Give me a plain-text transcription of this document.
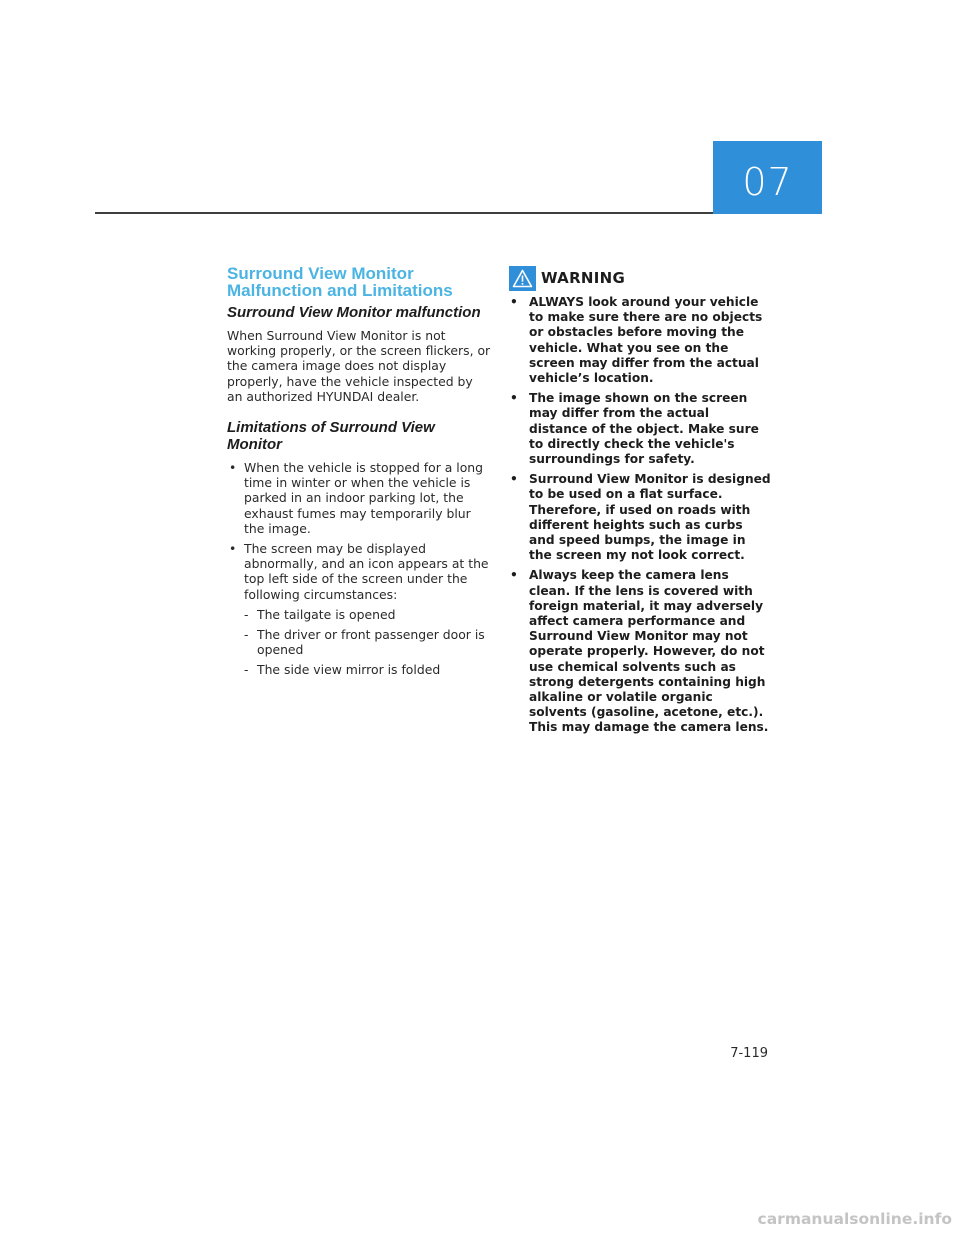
07
Surround View Monitor
Malfunction and Limitations
Surround View Monitor malfunction

When Surround View Monitor is not working properly, or the screen flickers, or the camera image does not display properly, have the vehicle inspected by an authorized HYUNDAI dealer.

Limitations of Surround View Monitor
• When the vehicle is stopped for a long time in winter or when the vehicle is parked in an indoor parking lot, the exhaust fumes may temporarily blur the image.
• The screen may be displayed abnormally, and an icon appears at the top left side of the screen under the following circumstances:
- The tailgate is opened
- The driver or front passenger door is opened
- The side view mirror is folded
WARNING
• ALWAYS look around your vehicle to make sure there are no objects or obstacles before moving the vehicle. What you see on the screen may differ from the actual vehicle’s location.
• The image shown on the screen may differ from the actual distance of the object. Make sure to directly check the vehicle's surroundings for safety.
• Surround View Monitor is designed to be used on a flat surface. Therefore, if used on roads with different heights such as curbs and speed bumps, the image in the screen my not look correct.
• Always keep the camera lens clean. If the lens is covered with foreign material, it may adversely affect camera performance and Surround View Monitor may not operate properly. However, do not use chemical solvents such as strong detergents containing high alkaline or volatile organic solvents (gasoline, acetone, etc.). This may damage the camera lens.
7-119
carmanualsonline.info
